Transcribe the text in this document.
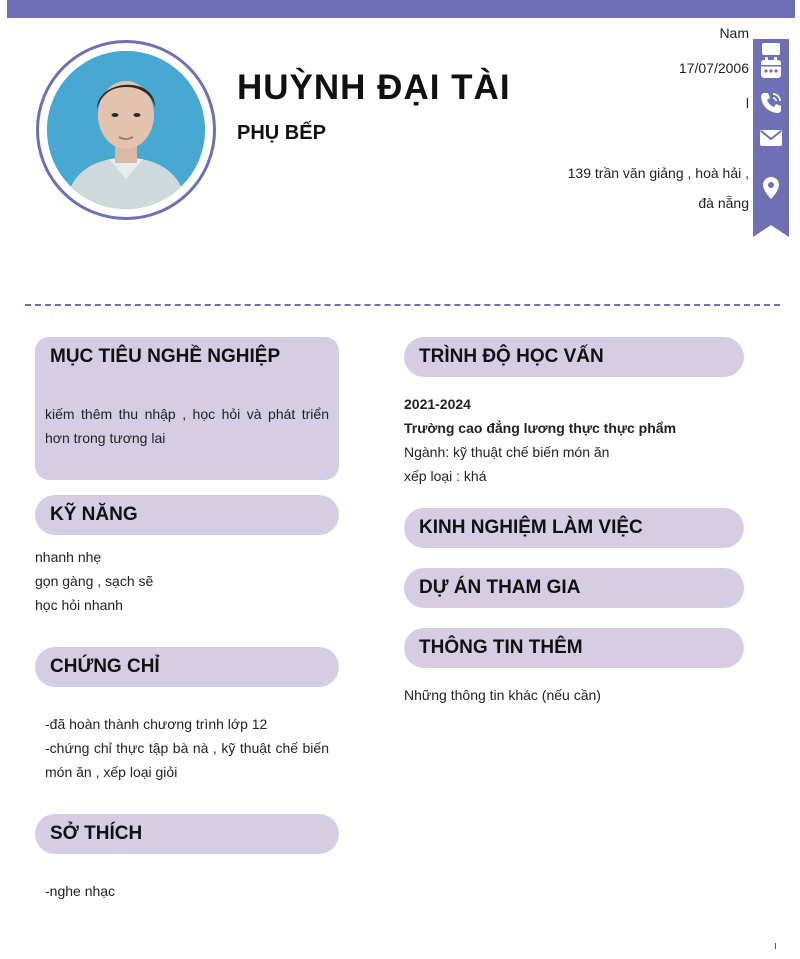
HUỲNH ĐẠI TÀI
PHỤ BẾP
Nam
17/07/2006
l
139 trần văn giảng , hoà hải ,
đà nẵng
MỤC TIÊU NGHỀ NGHIỆP
kiếm thêm thu nhập , học hỏi và phát triển hơn trong tương lai
KỸ NĂNG
nhanh nhẹ
gọn gàng , sạch sẽ
học hỏi nhanh
CHỨNG CHỈ
-đã hoàn thành chương trình lớp 12
-chứng chỉ thực tập bà nà , kỹ thuật chế biến món ăn , xếp loại giỏi
SỞ THÍCH
-nghe nhạc
TRÌNH ĐỘ HỌC VẤN
2021-2024
Trường cao đẳng lương thực thực phẩm
Ngành: kỹ thuật chế biến món ăn
xếp loại : khá
KINH NGHIỆM LÀM VIỆC
DỰ ÁN THAM GIA
THÔNG TIN THÊM
Những thông tin khác (nếu cần)
